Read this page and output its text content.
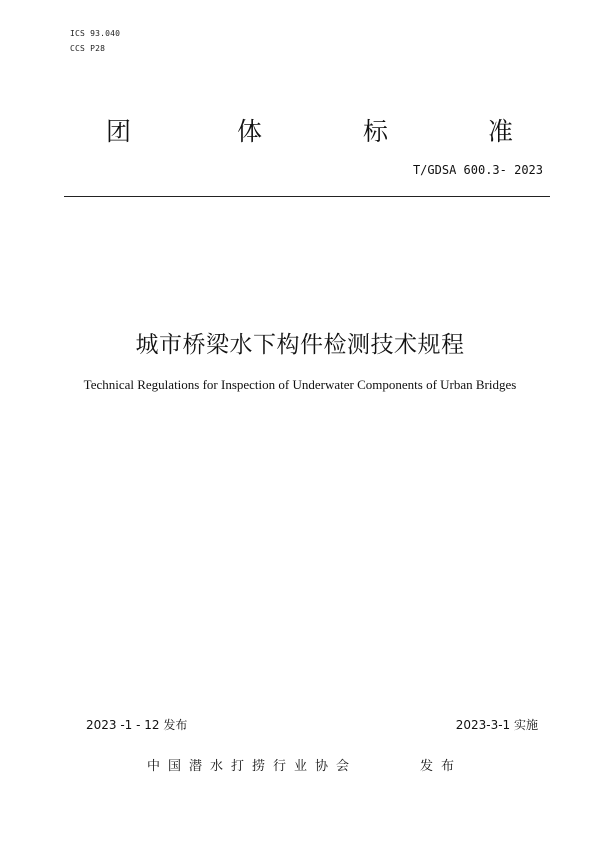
ICS 93.040
CCS P28
团	体	标	准
T/GDSA 600.3- 2023
城市桥梁水下构件检测技术规程
Technical Regulations for Inspection of Underwater Components of Urban Bridges
2023 -1 - 12 发布	2023-3-1 实施
中国潜水打捞行业协会	发布
